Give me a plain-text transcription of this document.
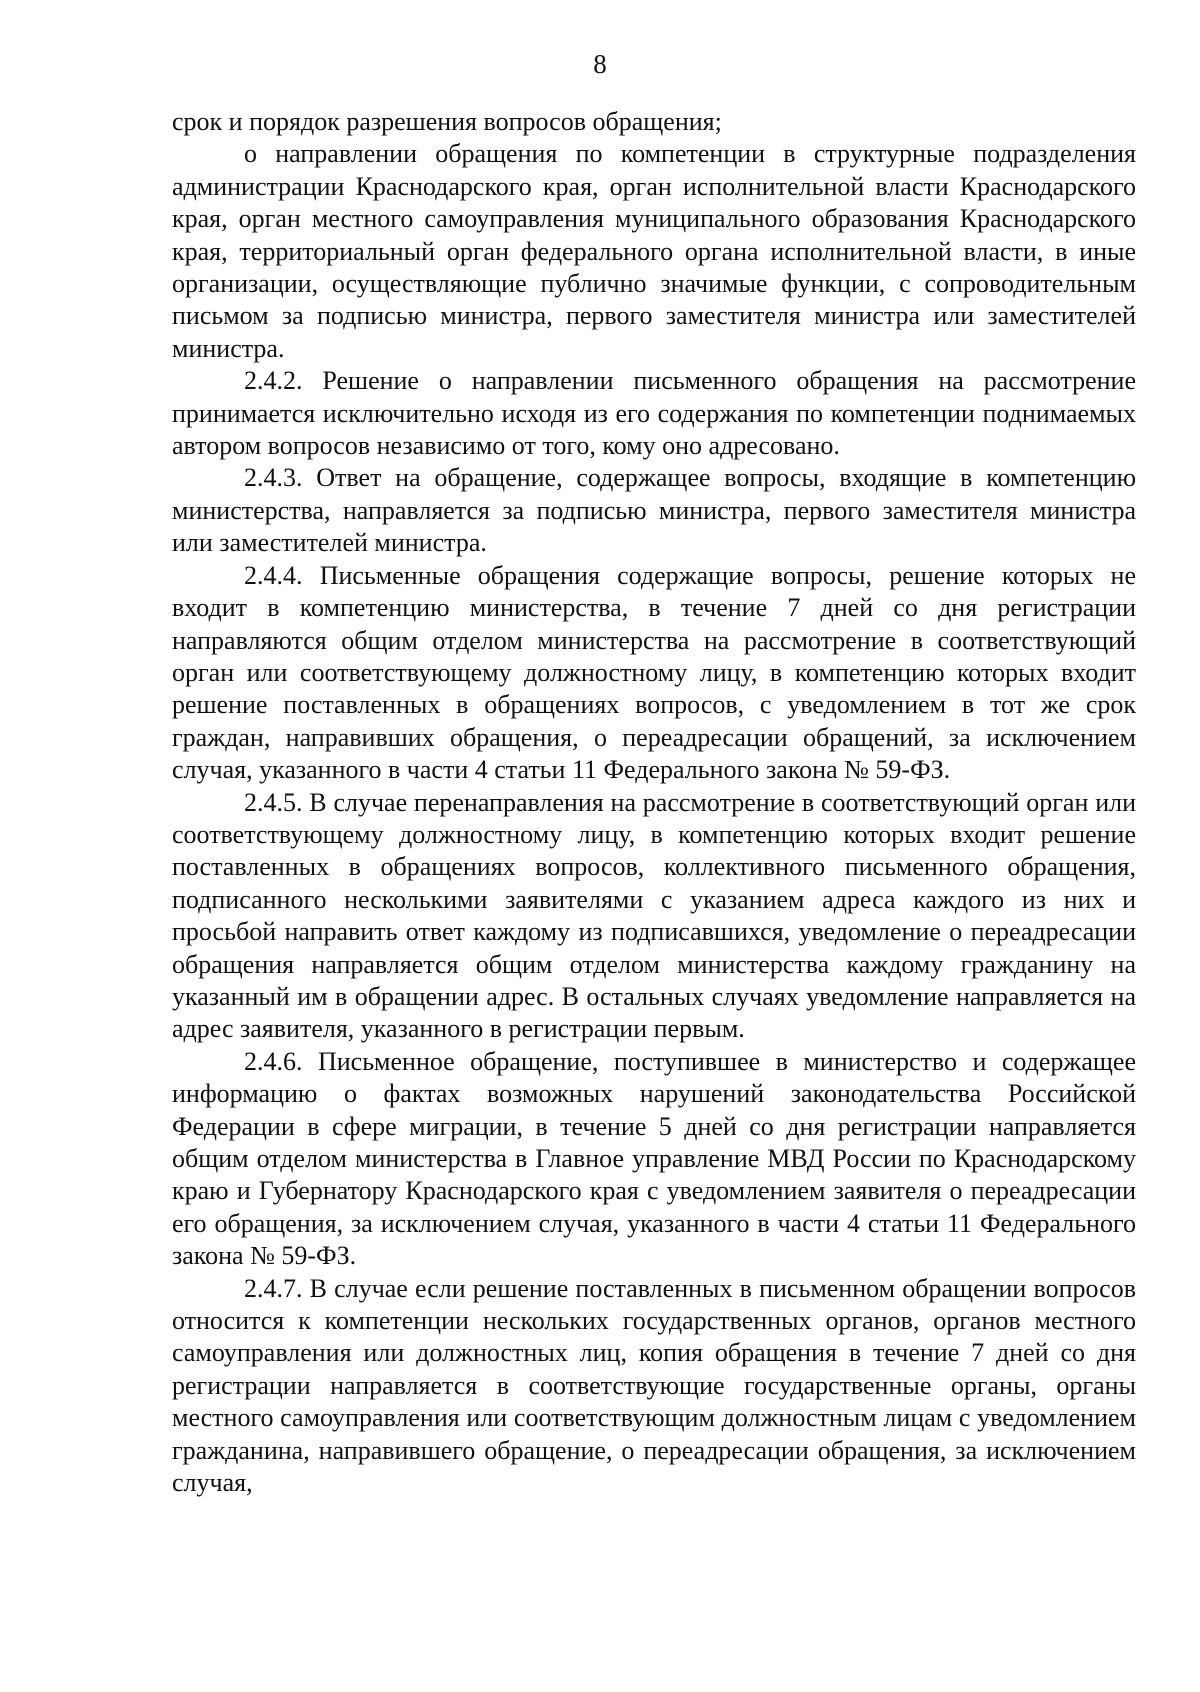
8

срок и порядок разрешения вопросов обращения;

о направлении обращения по компетенции в структурные подразделения администрации Краснодарского края, орган исполнительной власти Краснодарского края, орган местного самоуправления муниципального образования Краснодарского края, территориальный орган федерального органа исполнительной власти, в иные организации, осуществляющие публично значимые функции, с сопроводительным письмом за подписью министра, первого заместителя министра или заместителей министра.

2.4.2. Решение о направлении письменного обращения на рассмотрение принимается исключительно исходя из его содержания по компетенции поднимаемых автором вопросов независимо от того, кому оно адресовано.

2.4.3. Ответ на обращение, содержащее вопросы, входящие в компетенцию министерства, направляется за подписью министра, первого заместителя министра или заместителей министра.

2.4.4. Письменные обращения содержащие вопросы, решение которых не входит в компетенцию министерства, в течение 7 дней со дня регистрации направляются общим отделом министерства на рассмотрение в соответствующий орган или соответствующему должностному лицу, в компетенцию которых входит решение поставленных в обращениях вопросов, с уведомлением в тот же срок граждан, направивших обращения, о переадресации обращений, за исключением случая, указанного в части 4 статьи 11 Федерального закона № 59-ФЗ.

2.4.5. В случае перенаправления на рассмотрение в соответствующий орган или соответствующему должностному лицу, в компетенцию которых входит решение поставленных в обращениях вопросов, коллективного письменного обращения, подписанного несколькими заявителями с указанием адреса каждого из них и просьбой направить ответ каждому из подписавшихся, уведомление о переадресации обращения направляется общим отделом министерства каждому гражданину на указанный им в обращении адрес. В остальных случаях уведомление направляется на адрес заявителя, указанного в регистрации первым.

2.4.6. Письменное обращение, поступившее в министерство и содержащее информацию о фактах возможных нарушений законодательства Российской Федерации в сфере миграции, в течение 5 дней со дня регистрации направляется общим отделом министерства в Главное управление МВД России по Краснодарскому краю и Губернатору Краснодарского края с уведомлением заявителя о переадресации его обращения, за исключением случая, указанного в части 4 статьи 11 Федерального закона № 59-ФЗ.

2.4.7. В случае если решение поставленных в письменном обращении вопросов относится к компетенции нескольких государственных органов, органов местного самоуправления или должностных лиц, копия обращения в течение 7 дней со дня регистрации направляется в соответствующие государственные органы, органы местного самоуправления или соответствующим должностным лицам с уведомлением гражданина, направившего обращение, о переадресации обращения, за исключением случая,
